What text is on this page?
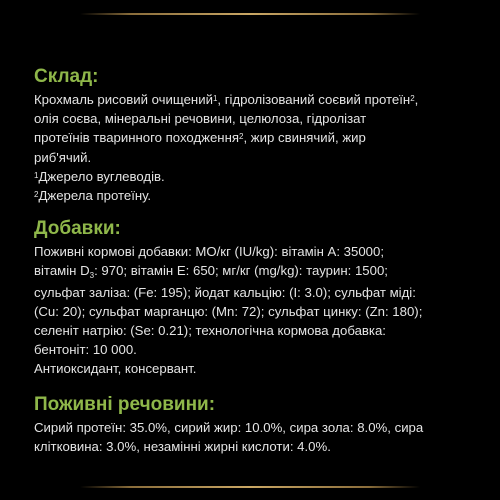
Склад:

Крохмаль рисовий очищений$^1$, гідролізований соєвий протеїн$^2$,

олія соєва, мінеральні речовини, целюлоза, гідролізат

протеїнів тваринного походження$^2$, жир свинячий, жир

риб'ячий.

$^1$Джерело вуглеводів.

$^2$Джерела протеїну.

Добавки:

Поживні кормові добавки: МО/кг (IU/kg): вітамін А: 35000;

вітамін $D_3$: 970; вітамін Е: 650; мг/кг (mg/kg): таурин: 1500;

сульфат заліза: (Fe: 195); йодат кальцію: (I: 3.0); сульфат міді:

(Cu: 20); сульфат марганцю: (Mn: 72); сульфат цинку: (Zn: 180);

селеніт натрію: (Se: 0.21); технологічна кормова добавка:

бентоніт: 10 000.

Антиоксидант, консервант.

Поживні речовини:

Сирий протеїн: 35.0%, сирий жир: 10.0%, сира зола: 8.0%, сира

клітковина: 3.0%, незамінні жирні кислоти: 4.0%.
